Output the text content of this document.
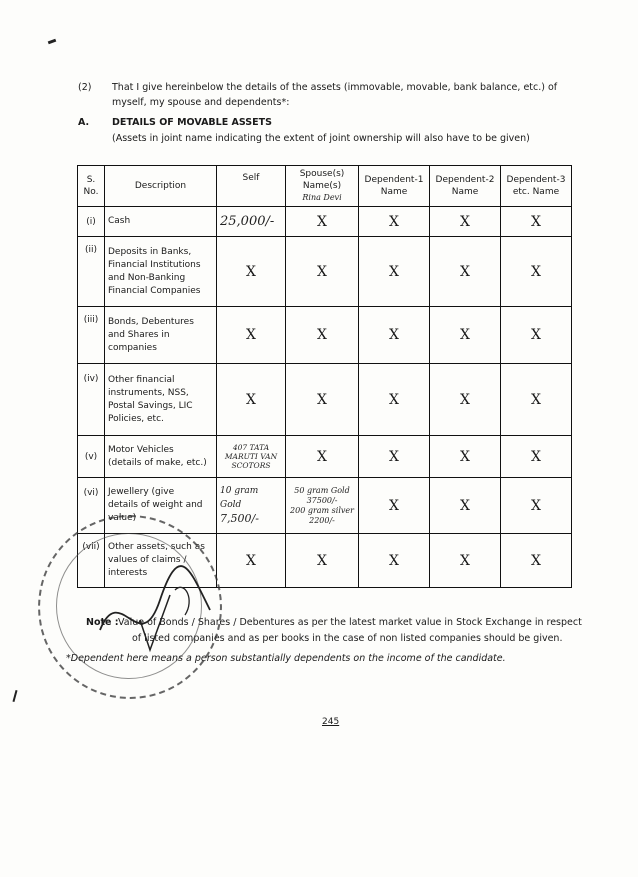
(2) That I give hereinbelow the details of the assets (immovable, movable, bank balance, etc.) of
myself, my spouse and dependents*:
A. DETAILS OF MOVABLE ASSETS
(Assets in joint name indicating the extent of joint ownership will also have to be given)
S.
No.	Description	Self	Spouse(s)
Name(s)
Rina Devi	Dependent-1
Name	Dependent-2
Name	Dependent-3
etc. Name
(i)	Cash	25,000/-	X	X	X	X
(ii)	Deposits in Banks,
Financial Institutions
and Non-Banking
Financial Companies	X	X	X	X	X
(iii)	Bonds, Debentures
and Shares in
companies	X	X	X	X	X
(iv)	Other financial
instruments, NSS,
Postal Savings, LIC
Policies, etc.	X	X	X	X	X
(v)	Motor Vehicles
(details of make, etc.)	407 TATA
MARUTI VAN
SCOTORS	X	X	X	X
(vi)	Jewellery (give
details of weight and
value)	10 gram Gold
7,500/-	50 gram Gold
37500/-
200 gram silver
2200/-	X	X	X
(vii)	Other assets, such as
values of claims /
interests	X	X	X	X	X
Note : Value of Bonds / Shares / Debentures as per the latest market value in Stock Exchange in respect
of listed companies and as per books in the case of non listed companies should be given.
*Dependent here means a person substantially dependents on the income of the candidate.
245
